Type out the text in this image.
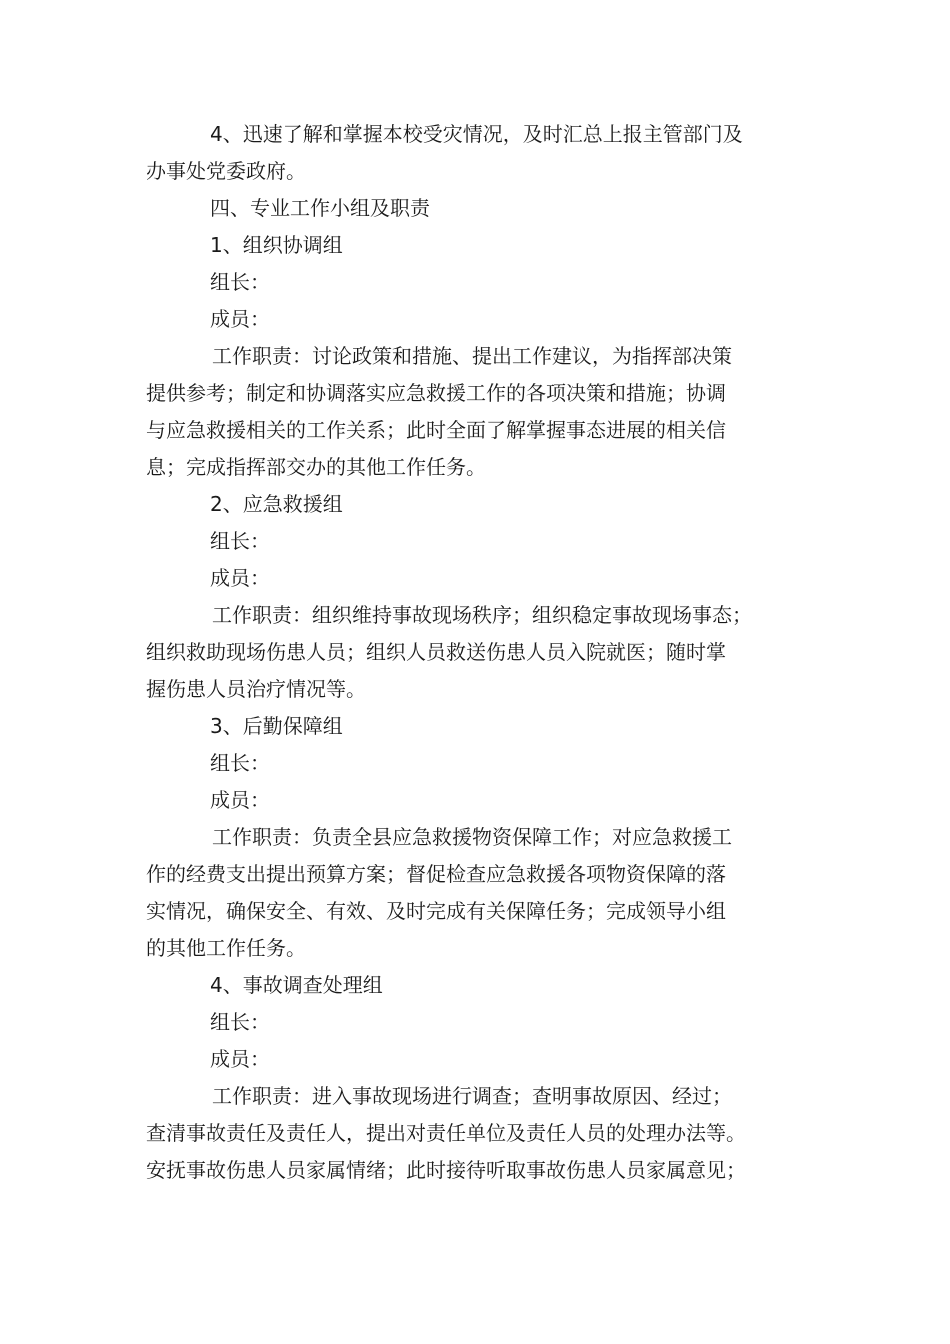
4、迅速了解和掌握本校受灾情况，及时汇总上报主管部门及
办事处党委政府。
四、专业工作小组及职责
1、组织协调组
组长：
成员：
工作职责：讨论政策和措施、提出工作建议，为指挥部决策
提供参考；制定和协调落实应急救援工作的各项决策和措施；协调
与应急救援相关的工作关系；此时全面了解掌握事态进展的相关信
息；完成指挥部交办的其他工作任务。
2、应急救援组
组长：
成员：
工作职责：组织维持事故现场秩序；组织稳定事故现场事态；
组织救助现场伤患人员；组织人员救送伤患人员入院就医；随时掌
握伤患人员治疗情况等。
3、后勤保障组
组长：
成员：
工作职责：负责全县应急救援物资保障工作；对应急救援工
作的经费支出提出预算方案；督促检查应急救援各项物资保障的落
实情况，确保安全、有效、及时完成有关保障任务；完成领导小组
的其他工作任务。
4、事故调查处理组
组长：
成员：
工作职责：进入事故现场进行调查；查明事故原因、经过；
查清事故责任及责任人，提出对责任单位及责任人员的处理办法等。
安抚事故伤患人员家属情绪；此时接待听取事故伤患人员家属意见；
